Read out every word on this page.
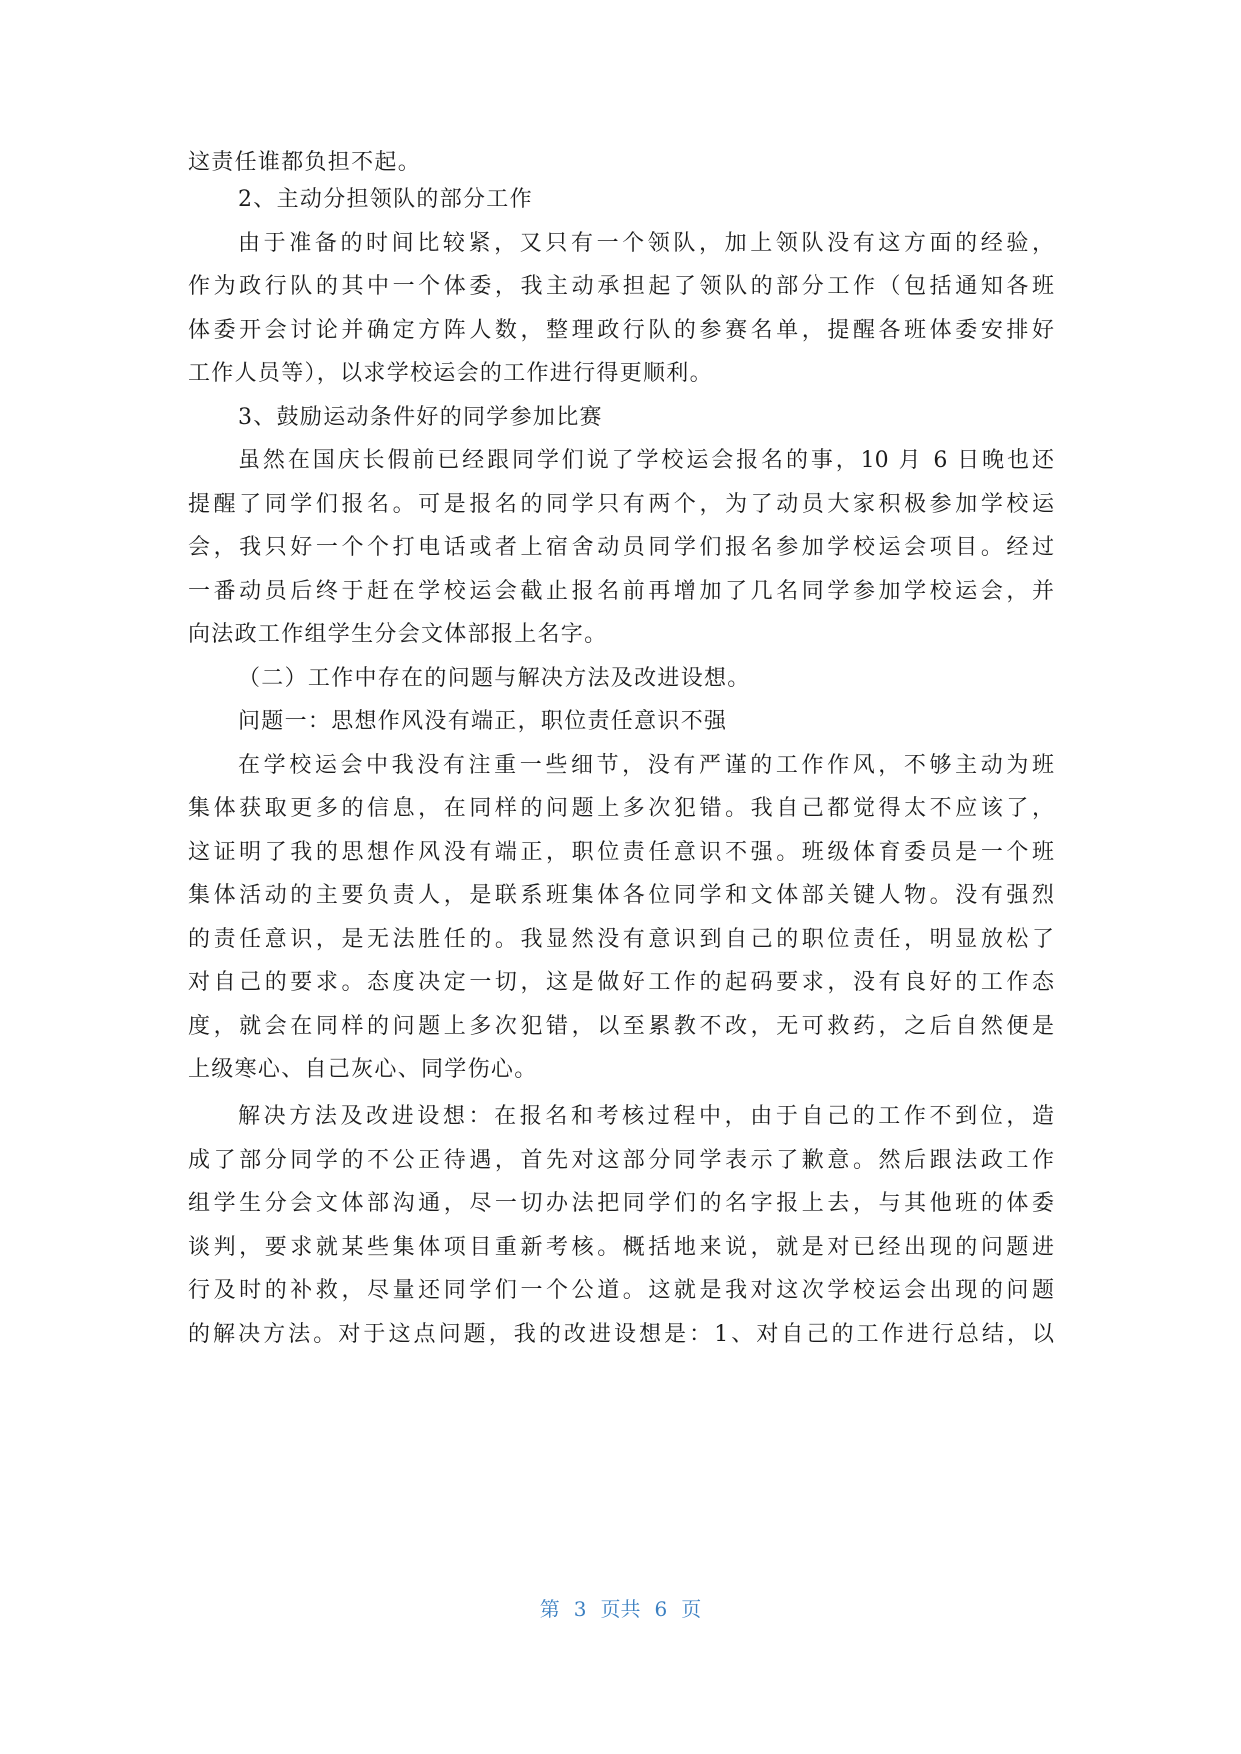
这责任谁都负担不起。
2、主动分担领队的部分工作
由于准备的时间比较紧，又只有一个领队，加上领队没有这方面的经验，
作为政行队的其中一个体委，我主动承担起了领队的部分工作（包括通知各班
体委开会讨论并确定方阵人数，整理政行队的参赛名单，提醒各班体委安排好
工作人员等），以求学校运会的工作进行得更顺利。
3、鼓励运动条件好的同学参加比赛
虽然在国庆长假前已经跟同学们说了学校运会报名的事，10 月 6 日晚也还
提醒了同学们报名。可是报名的同学只有两个，为了动员大家积极参加学校运
会，我只好一个个打电话或者上宿舍动员同学们报名参加学校运会项目。经过
一番动员后终于赶在学校运会截止报名前再增加了几名同学参加学校运会，并
向法政工作组学生分会文体部报上名字。
（二）工作中存在的问题与解决方法及改进设想。
问题一：思想作风没有端正，职位责任意识不强
在学校运会中我没有注重一些细节，没有严谨的工作作风，不够主动为班
集体获取更多的信息，在同样的问题上多次犯错。我自己都觉得太不应该了，
这证明了我的思想作风没有端正，职位责任意识不强。班级体育委员是一个班
集体活动的主要负责人，是联系班集体各位同学和文体部关键人物。没有强烈
的责任意识，是无法胜任的。我显然没有意识到自己的职位责任，明显放松了
对自己的要求。态度决定一切，这是做好工作的起码要求，没有良好的工作态
度，就会在同样的问题上多次犯错，以至累教不改，无可救药，之后自然便是
上级寒心、自己灰心、同学伤心。
解决方法及改进设想：在报名和考核过程中，由于自己的工作不到位，造
成了部分同学的不公正待遇，首先对这部分同学表示了歉意。然后跟法政工作
组学生分会文体部沟通，尽一切办法把同学们的名字报上去，与其他班的体委
谈判，要求就某些集体项目重新考核。概括地来说，就是对已经出现的问题进
行及时的补救，尽量还同学们一个公道。这就是我对这次学校运会出现的问题
的解决方法。对于这点问题，我的改进设想是：1、对自己的工作进行总结，以
第 3 页共 6 页
